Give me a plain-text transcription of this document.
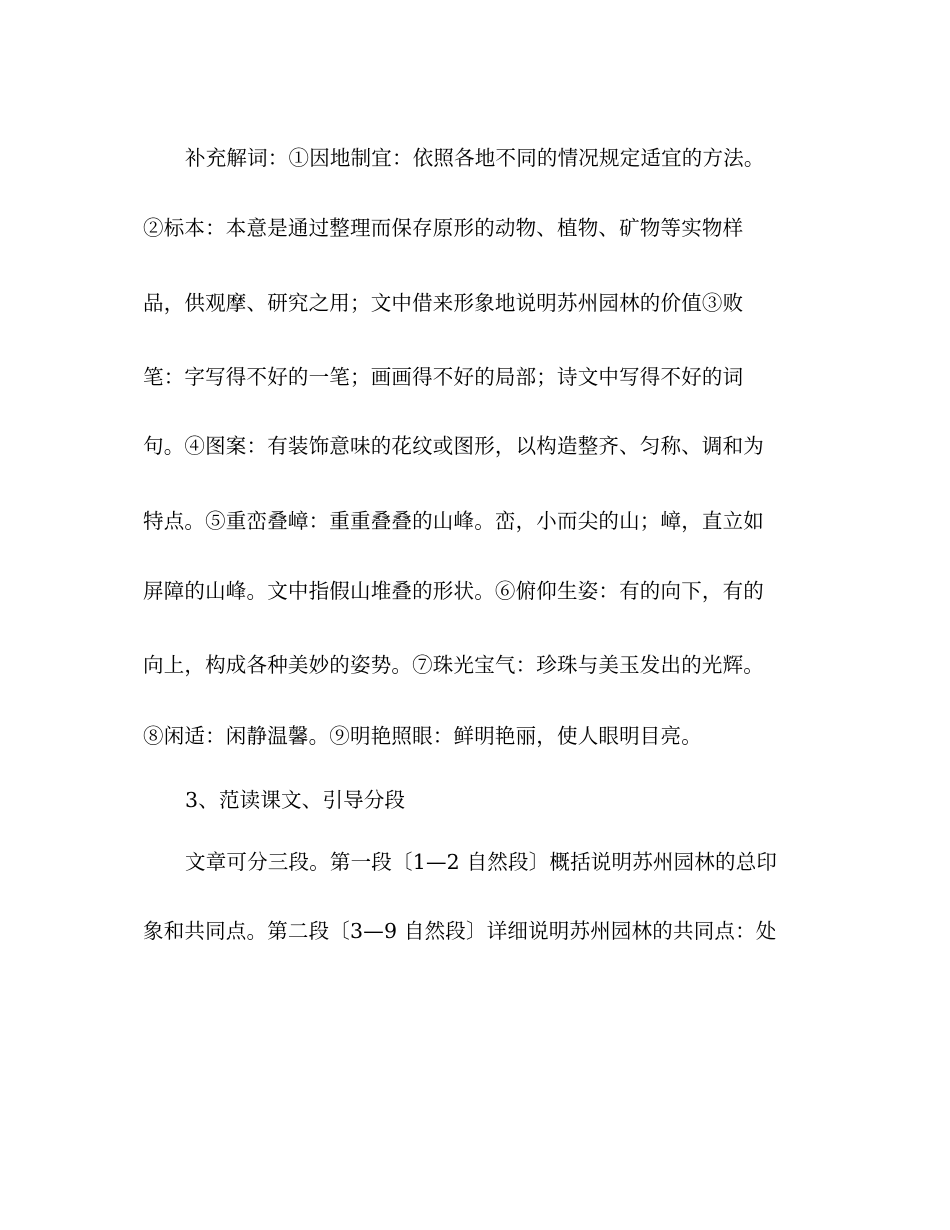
补充解词：①因地制宜：依照各地不同的情况规定适宜的方法。
②标本：本意是通过整理而保存原形的动物、植物、矿物等实物样
品，供观摩、研究之用；文中借来形象地说明苏州园林的价值③败
笔：字写得不好的一笔；画画得不好的局部；诗文中写得不好的词
句。④图案：有装饰意味的花纹或图形，以构造整齐、匀称、调和为
特点。⑤重峦叠嶂：重重叠叠的山峰。峦，小而尖的山；嶂，直立如
屏障的山峰。文中指假山堆叠的形状。⑥俯仰生姿：有的向下，有的
向上，构成各种美妙的姿势。⑦珠光宝气：珍珠与美玉发出的光辉。
⑧闲适：闲静温馨。⑨明艳照眼：鲜明艳丽，使人眼明目亮。
3、范读课文、引导分段
文章可分三段。第一段〔1—2 自然段〕概括说明苏州园林的总印
象和共同点。第二段〔3—9 自然段〕详细说明苏州园林的共同点：处
